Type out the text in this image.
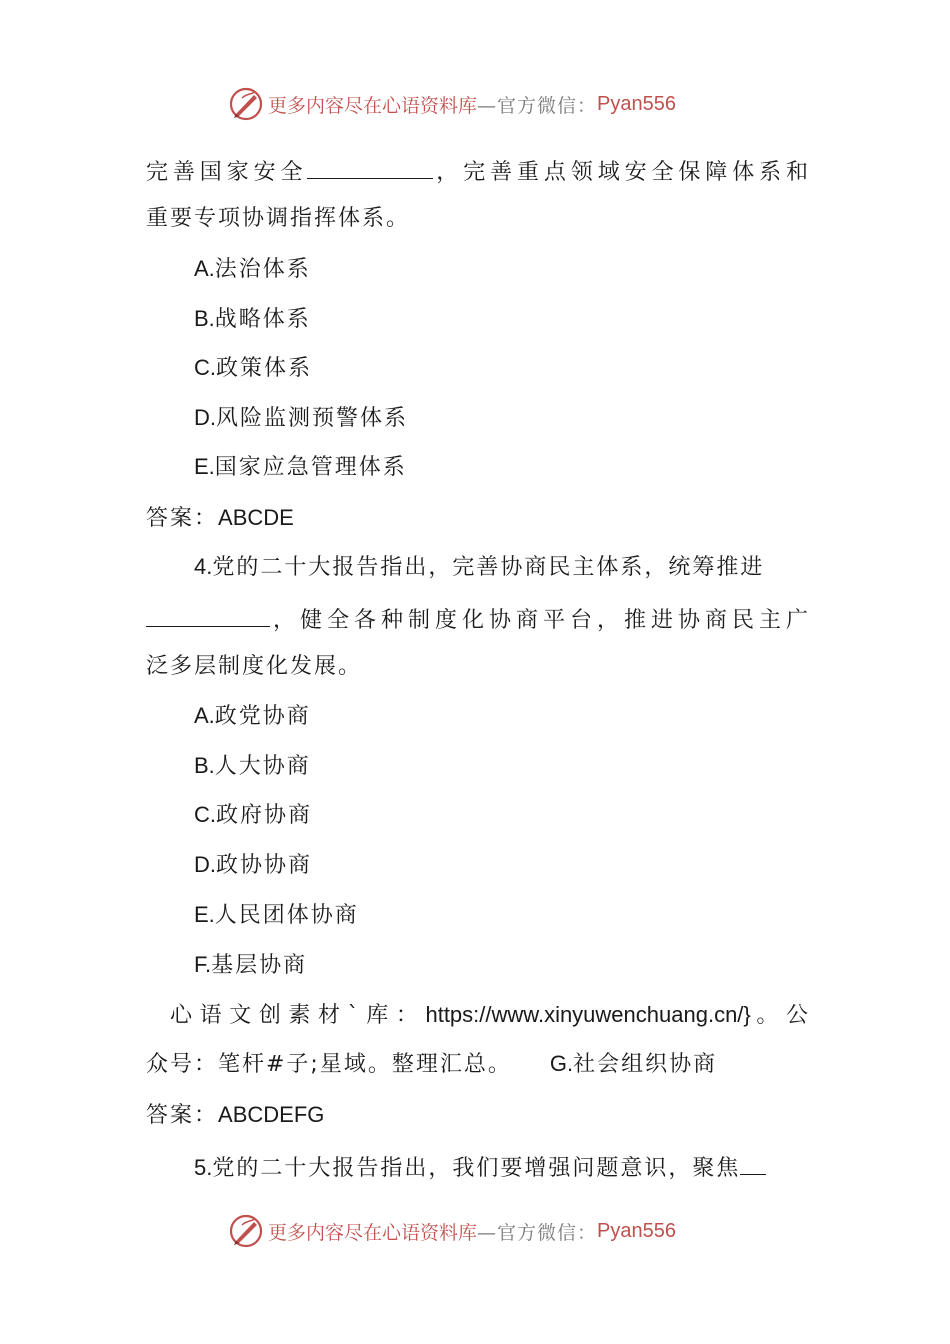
更多内容尽在心语资料库 —官方微信： Pyan556
完善国家安全	，完善重点领域安全保障体系和
重要专项协调指挥体系。
A.法治体系
B.战略体系
C.政策体系
D.风险监测预警体系
E.国家应急管理体系
答案：ABCDE
4.党的二十大报告指出，完善协商民主体系，统筹推进
，健全各种制度化协商平台，推进协商民主广
泛多层制度化发展。
A.政党协商
B.人大协商
C.政府协商
D.政协协商
E.人民团体协商
F.基层协商
心语文创素材`库：https://www.xinyuwenchuang.cn/}。公
众号：笔杆#子;星域。整理汇总。 G.社会组织协商
答案：ABCDEFG
5.党的二十大报告指出，我们要增强问题意识，聚焦
更多内容尽在心语资料库 —官方微信： Pyan556
